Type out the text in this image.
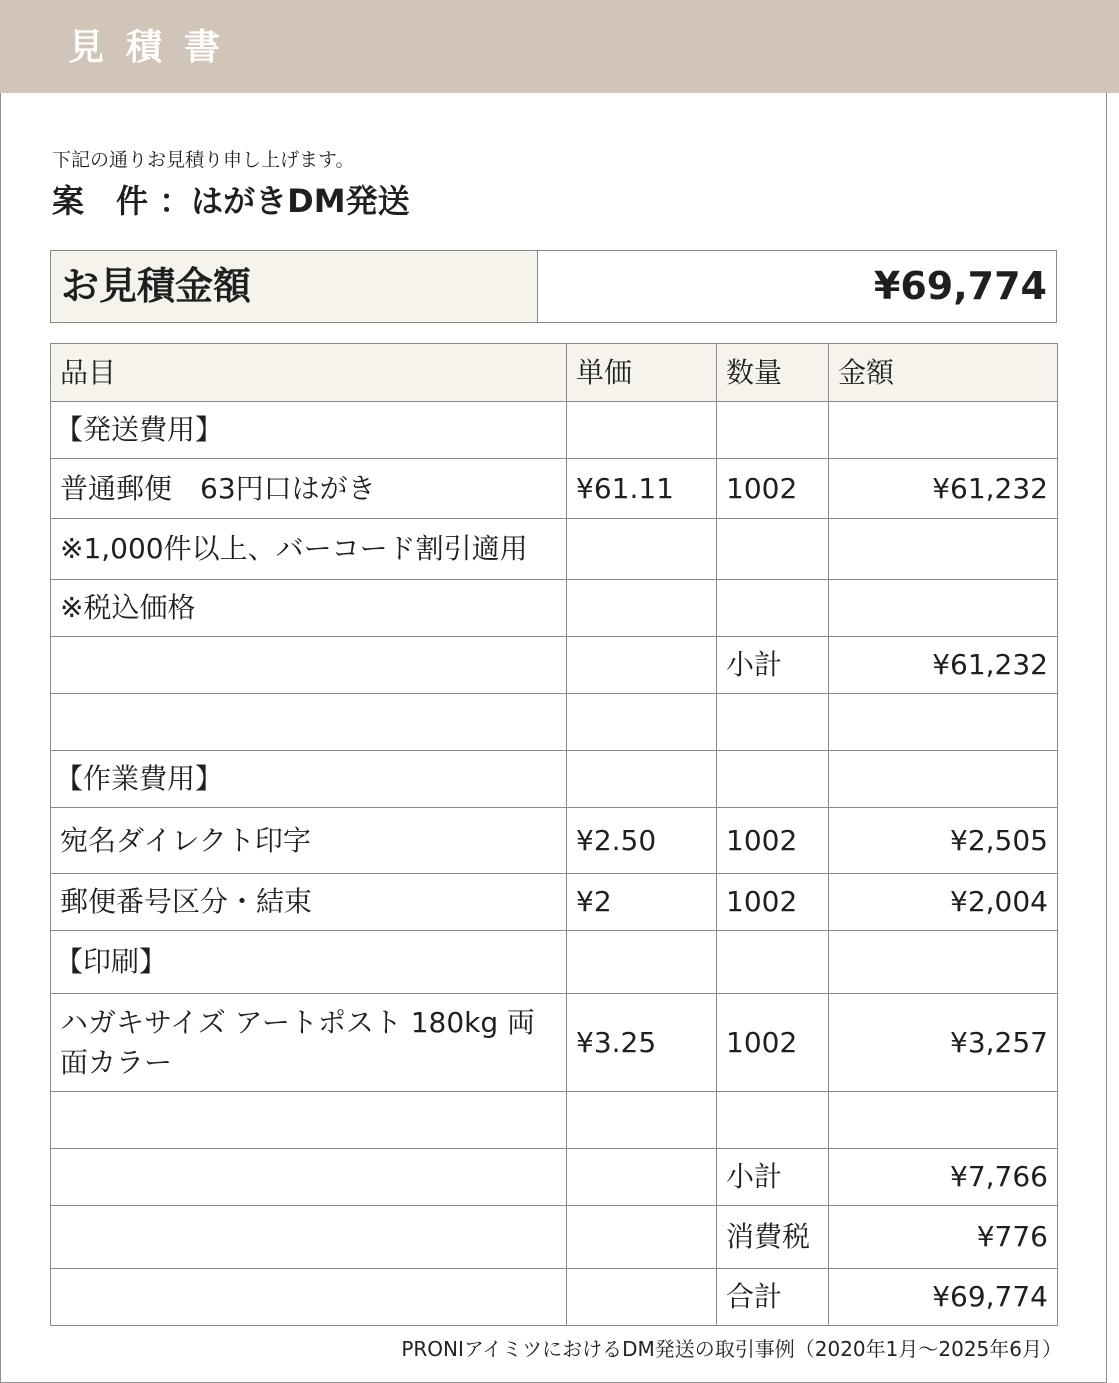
見積書
下記の通りお見積り申し上げます。
案　件 ：はがきDM発送
お見積金額	¥69,774
品目	単価	数量	金額
【発送費用】			
普通郵便　63円口はがき	¥61.11	1002	¥61,232
※1,000件以上、バーコード割引適用			
※税込価格			
		小計	¥61,232

【作業費用】			
宛名ダイレクト印字	¥2.50	1002	¥2,505
郵便番号区分・結束	¥2	1002	¥2,004
【印刷】			
ハガキサイズ アートポスト 180kg 両面カラー	¥3.25	1002	¥3,257

		小計	¥7,766
		消費税	¥776
		合計	¥69,774
PRONIアイミツにおけるDM発送の取引事例（2020年1月～2025年6月）
